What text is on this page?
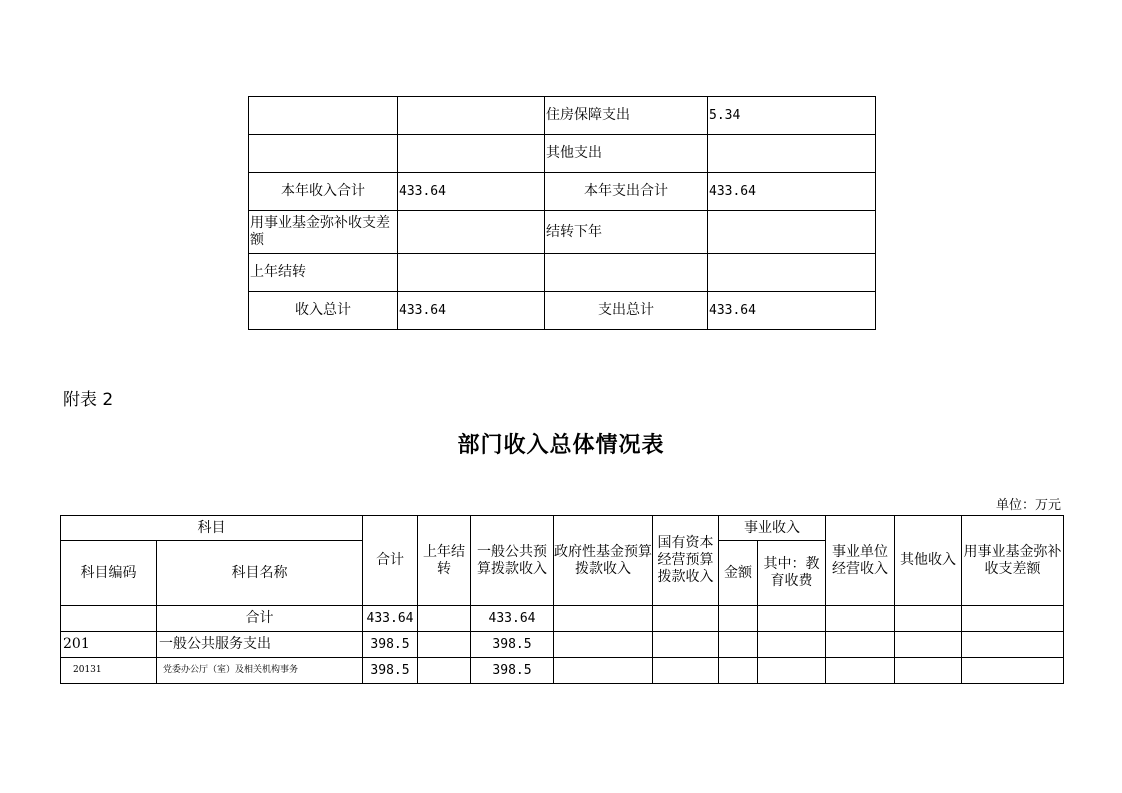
		住房保障支出	5.34
		其他支出	
本年收入合计	433.64	本年支出合计	433.64
用事业基金弥补收支差额		结转下年	
上年结转			
收入总计	433.64	支出总计	433.64
附表 2
部门收入总体情况表
单位：万元
科目		合计	上年结转	一般公共预算拨款收入	政府性基金预算拨款收入	国有资本经营预算拨款收入	事业收入		事业单位经营收入	其他收入	用事业基金弥补收支差额
科目编码	科目名称						金额	其中：教育收费			
	合计	433.64		433.64							
201	一般公共服务支出	398.5		398.5							
20131	党委办公厅（室）及相关机构事务	398.5		398.5							
